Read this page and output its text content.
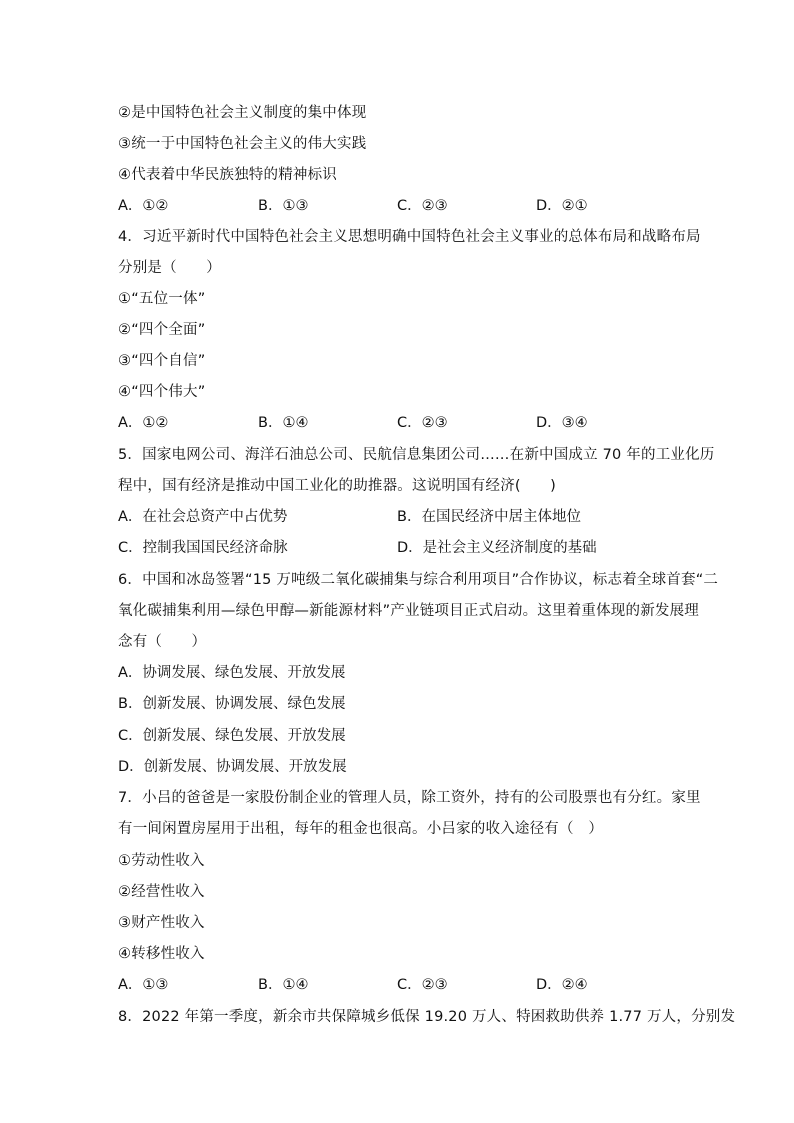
②是中国特色社会主义制度的集中体现
③统一于中国特色社会主义的伟大实践
④代表着中华民族独特的精神标识
A．①②	B．①③	C．②③	D．②①
4．习近平新时代中国特色社会主义思想明确中国特色社会主义事业的总体布局和战略布局
分别是（　　）
①“五位一体”
②“四个全面”
③“四个自信”
④“四个伟大”
A．①②	B．①④	C．②③	D．③④
5．国家电网公司、海洋石油总公司、民航信息集团公司……在新中国成立 70 年的工业化历
程中，国有经济是推动中国工业化的助推器。这说明国有经济(　　)
A．在社会总资产中占优势	B．在国民经济中居主体地位
C．控制我国国民经济命脉	D．是社会主义经济制度的基础
6．中国和冰岛签署“15 万吨级二氧化碳捕集与综合利用项目”合作协议，标志着全球首套“二
氧化碳捕集利用—绿色甲醇—新能源材料”产业链项目正式启动。这里着重体现的新发展理
念有（　　）
A．协调发展、绿色发展、开放发展
B．创新发展、协调发展、绿色发展
C．创新发展、绿色发展、开放发展
D．创新发展、协调发展、开放发展
7．小吕的爸爸是一家股份制企业的管理人员，除工资外，持有的公司股票也有分红。家里
有一间闲置房屋用于出租，每年的租金也很高。小吕家的收入途径有（　）
①劳动性收入
②经营性收入
③财产性收入
④转移性收入
A．①③	B．①④	C．②③	D．②④
8．2022 年第一季度，新余市共保障城乡低保 19.20 万人、特困救助供养 1.77 万人，分别发
